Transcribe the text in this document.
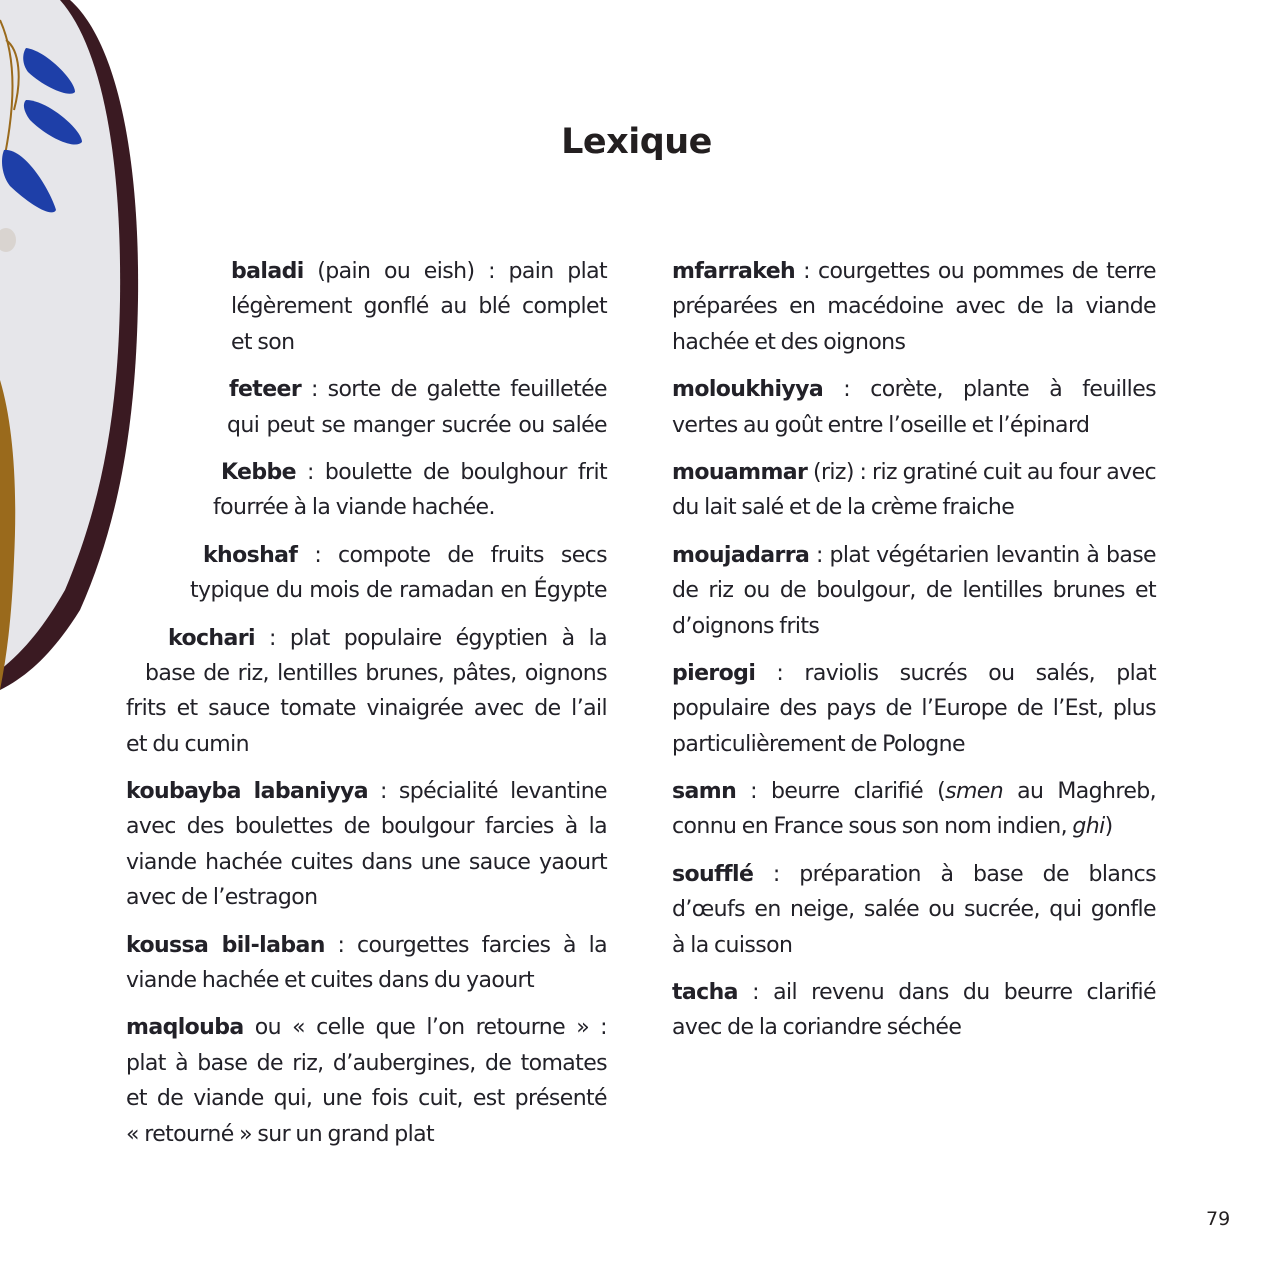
Lexique
baladi (pain ou eish) : pain plat
légèrement gonflé au blé complet
et son
feteer : sorte de galette feuilletée
qui peut se manger sucrée ou salée
Kebbe : boulette de boulghour frit
fourrée à la viande hachée.
khoshaf : compote de fruits secs
typique du mois de ramadan en Égypte
kochari : plat populaire égyptien à la
base de riz, lentilles brunes, pâtes, oignons
frits et sauce tomate vinaigrée avec de l’ail
et du cumin
koubayba labaniyya : spécialité levantine
avec des boulettes de boulgour farcies à la
viande hachée cuites dans une sauce yaourt
avec de l’estragon
koussa bil-laban : courgettes farcies à la
viande hachée et cuites dans du yaourt
maqlouba ou « celle que l’on retourne » :
plat à base de riz, d’aubergines, de tomates
et de viande qui, une fois cuit, est présenté
« retourné » sur un grand plat
mfarrakeh : courgettes ou pommes de terre
préparées en macédoine avec de la viande
hachée et des oignons
moloukhiyya : corète, plante à feuilles
vertes au goût entre l’oseille et l’épinard
mouammar (riz) : riz gratiné cuit au four avec
du lait salé et de la crème fraiche
moujadarra : plat végétarien levantin à base
de riz ou de boulgour, de lentilles brunes et
d’oignons frits
pierogi : raviolis sucrés ou salés, plat
populaire des pays de l’Europe de l’Est, plus
particulièrement de Pologne
samn : beurre clarifié (smen au Maghreb,
connu en France sous son nom indien, ghi)
soufflé : préparation à base de blancs
d’œufs en neige, salée ou sucrée, qui gonfle
à la cuisson
tacha : ail revenu dans du beurre clarifié
avec de la coriandre séchée
79
